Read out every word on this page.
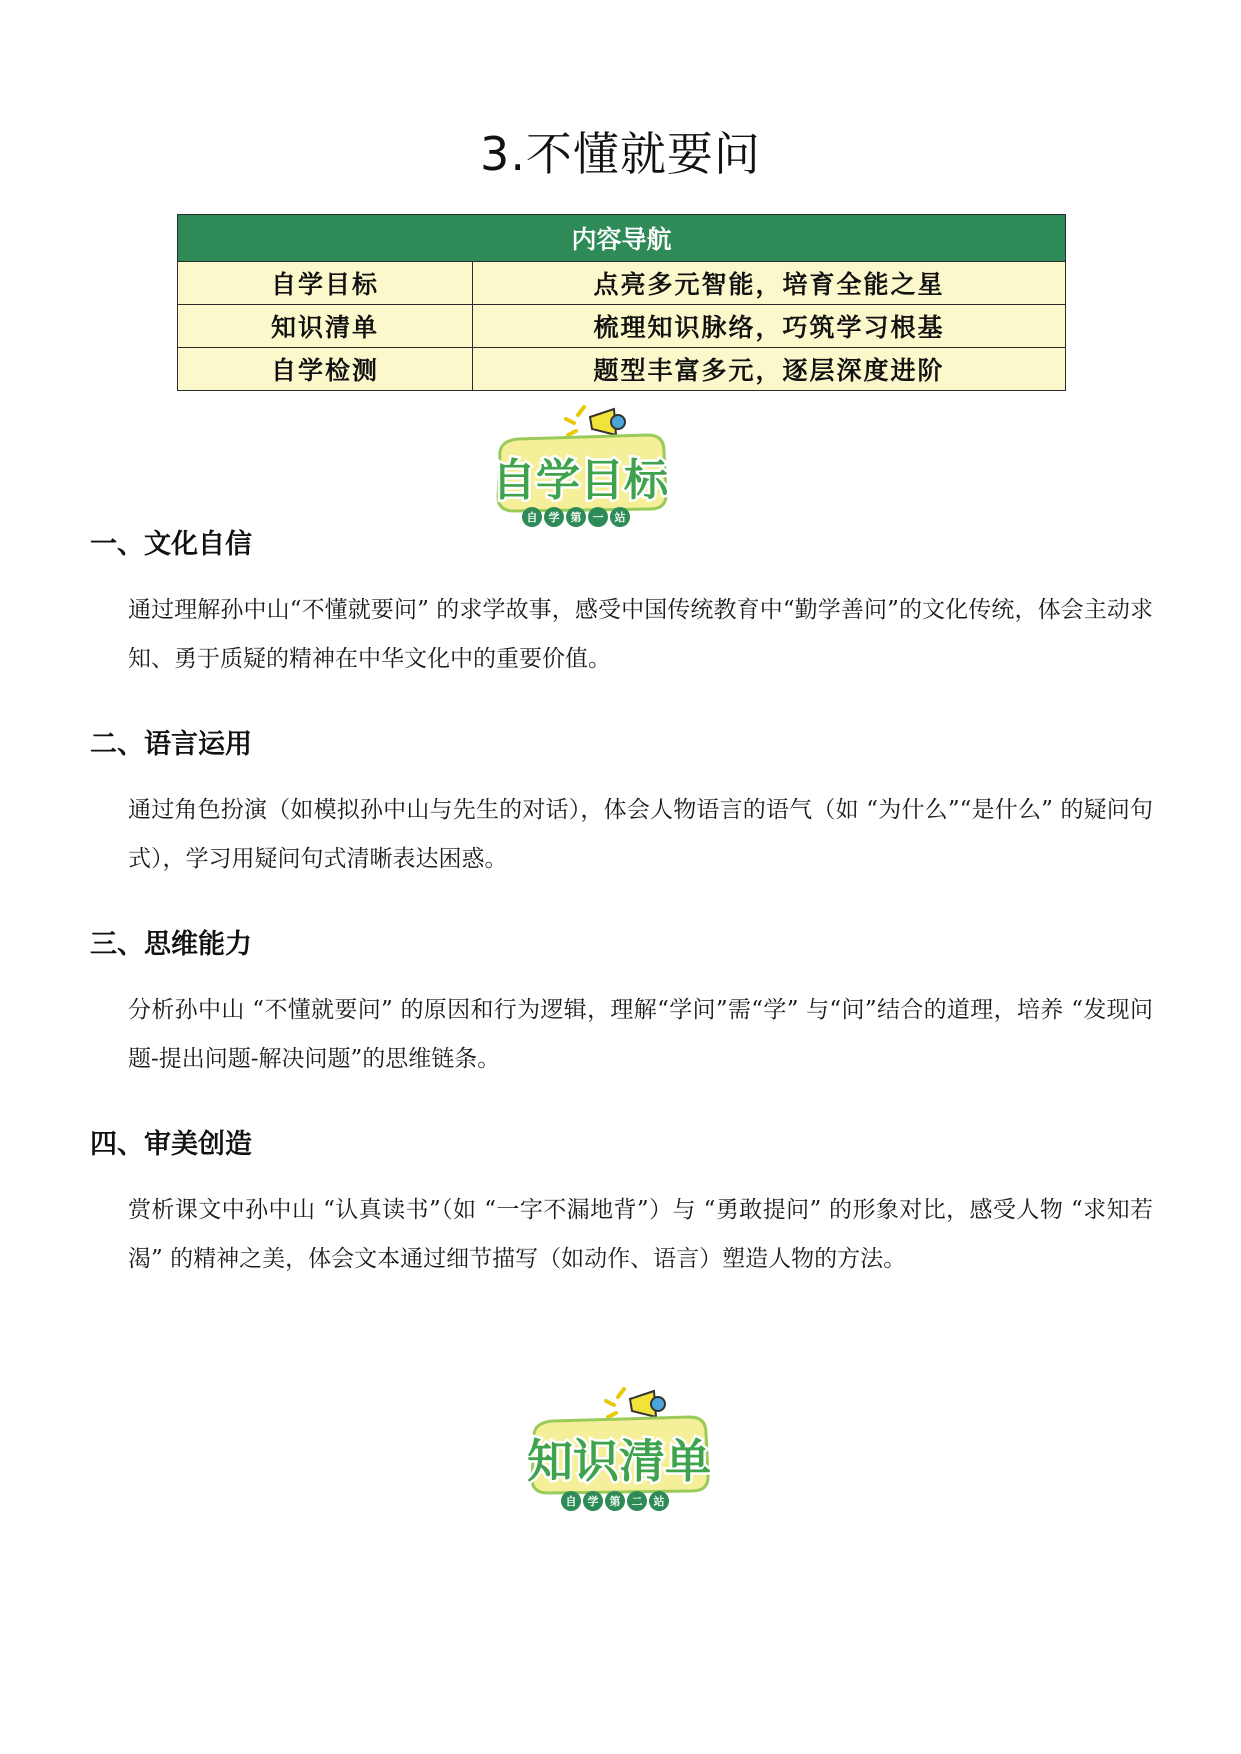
3.不懂就要问
内容导航	
自学目标	点亮多元智能，培育全能之星
知识清单	梳理知识脉络，巧筑学习根基
自学检测	题型丰富多元，逐层深度进阶
自学目标
自 学 第 一 站
一、文化自信
通过理解孙中山“不懂就要问” 的求学故事，感受中国传统教育中“勤学善问”的文化传统，体会主动求知、勇于质疑的精神在中华文化中的重要价值。
二、语言运用
通过角色扮演（如模拟孙中山与先生的对话），体会人物语言的语气（如 “为什么”“是什么” 的疑问句式），学习用疑问句式清晰表达困惑。
三、思维能力
分析孙中山 “不懂就要问” 的原因和行为逻辑，理解“学问”需“学” 与“问”结合的道理，培养 “发现问题-提出问题-解决问题”的思维链条。
四、审美创造
赏析课文中孙中山 “认真读书”（如 “一字不漏地背”）与 “勇敢提问” 的形象对比，感受人物 “求知若渴” 的精神之美，体会文本通过细节描写（如动作、语言）塑造人物的方法。
知识清单
自 学 第 二 站
